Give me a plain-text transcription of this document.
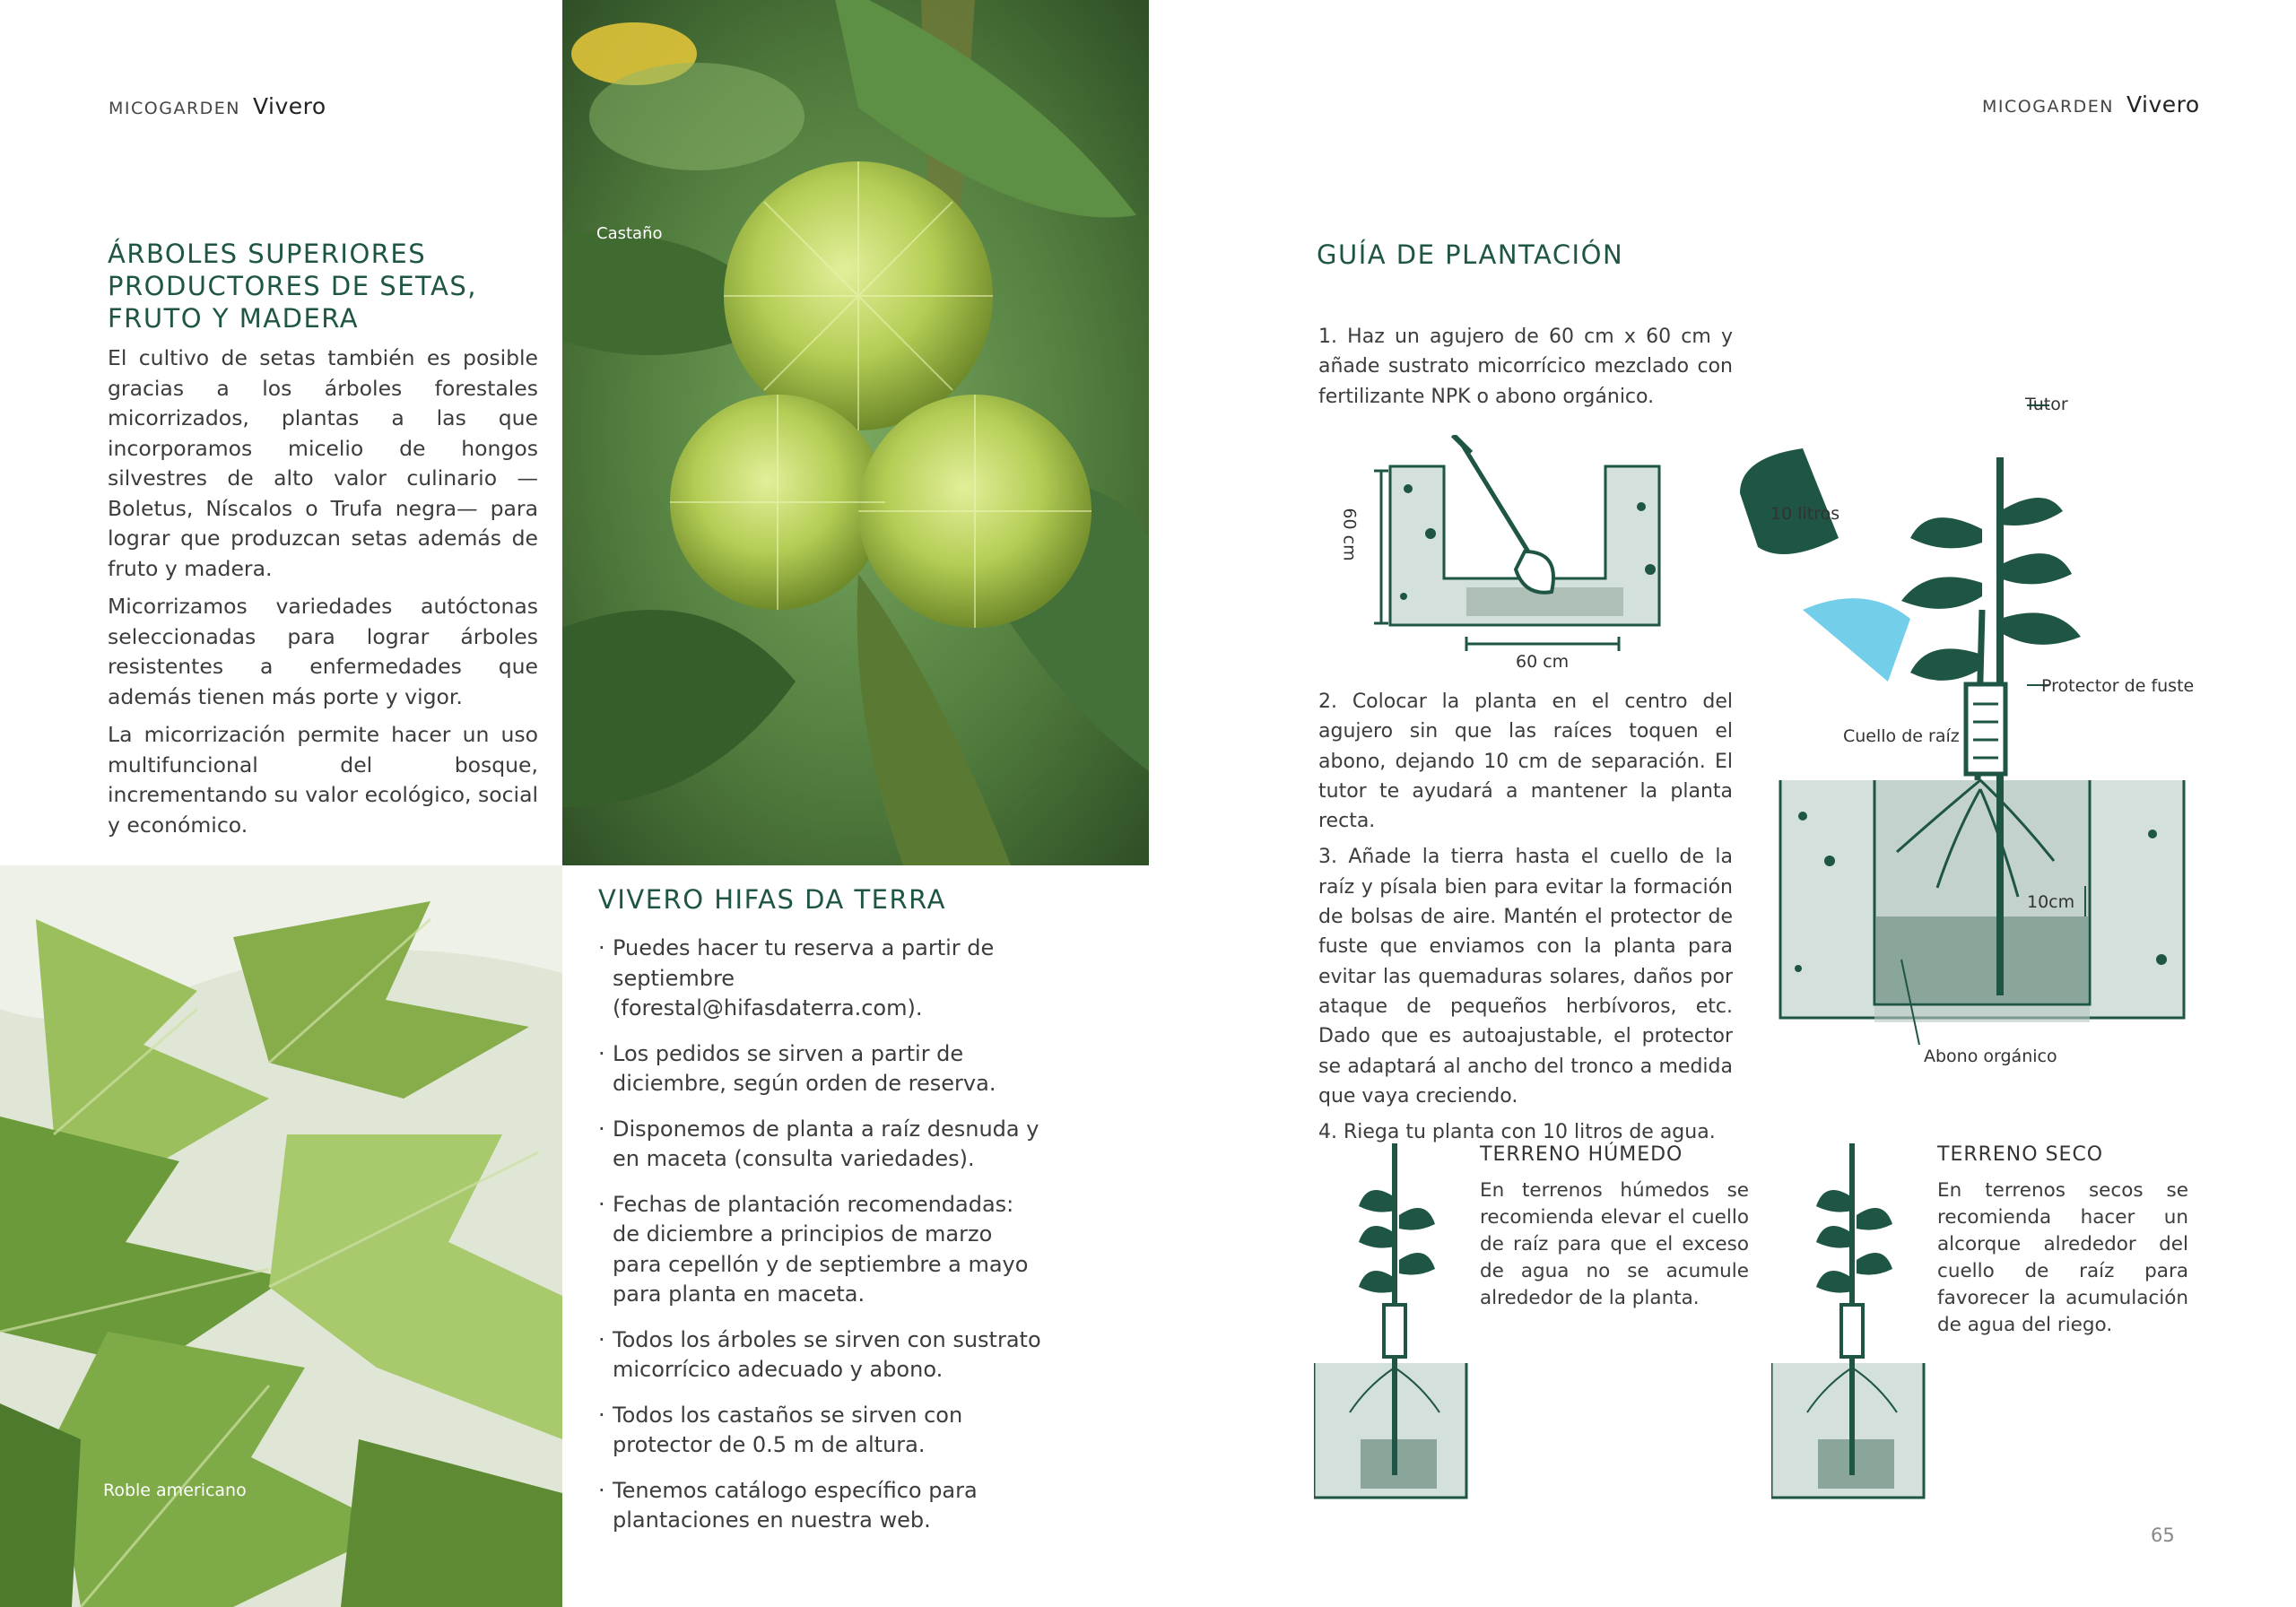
MICOGARDEN Vivero	MICOGARDEN Vivero
ÁRBOLES SUPERIORES
PRODUCTORES DE SETAS,
FRUTO Y MADERA

El cultivo de setas también es posible gracias a los árboles forestales micorrizados, plantas a las que incorporamos micelio de hongos silvestres de alto valor culinario —Boletus, Níscalos o Trufa negra— para lograr que produzcan setas además de fruto y madera.

Micorrizamos variedades autóctonas seleccionadas para lograr árboles resistentes a enfermedades que además tienen más porte y vigor.

La micorrización permite hacer un uso multifuncional del bosque, incrementando su valor ecológico, social y económico.

Castaño
Roble americano
VIVERO HIFAS DA TERRA
· Puedes hacer tu reserva a partir de septiembre (forestal@hifasdaterra.com).
· Los pedidos se sirven a partir de diciembre, según orden de reserva.
· Disponemos de planta a raíz desnuda y en maceta (consulta variedades).
· Fechas de plantación recomendadas: de diciembre a principios de marzo para cepellón y de septiembre a mayo para planta en maceta.
· Todos los árboles se sirven con sustrato micorrícico adecuado y abono.
· Todos los castaños se sirven con protector de 0.5 m de altura.
· Tenemos catálogo específico para plantaciones en nuestra web.
GUÍA DE PLANTACIÓN

1. Haz un agujero de 60 cm x 60 cm y añade sustrato micorrícico mezclado con fertilizante NPK o abono orgánico.

60 cm
60 cm

2. Colocar la planta en el centro del agujero sin que las raíces toquen el abono, dejando 10 cm de separación. El tutor te ayudará a mantener la planta recta.

3. Añade la tierra hasta el cuello de la raíz y písala bien para evitar la formación de bolsas de aire. Mantén el protector de fuste que enviamos con la planta para evitar las quemaduras solares, daños por ataque de pequeños herbívoros, etc. Dado que es autoajustable, el protector se adaptará al ancho del tronco a medida que vaya creciendo.

4. Riega tu planta con 10 litros de agua.

Tutor
10 litros
Protector de fuste
Cuello de raíz
10cm
Abono orgánico
TERRENO HÚMEDO
En terrenos húmedos se recomienda elevar el cuello de raíz para que el exceso de agua no se acumule alrededor de la planta.
TERRENO SECO
En terrenos secos se recomienda hacer un alcorque alrededor del cuello de raíz para favorecer la acumulación de agua del riego.
65
